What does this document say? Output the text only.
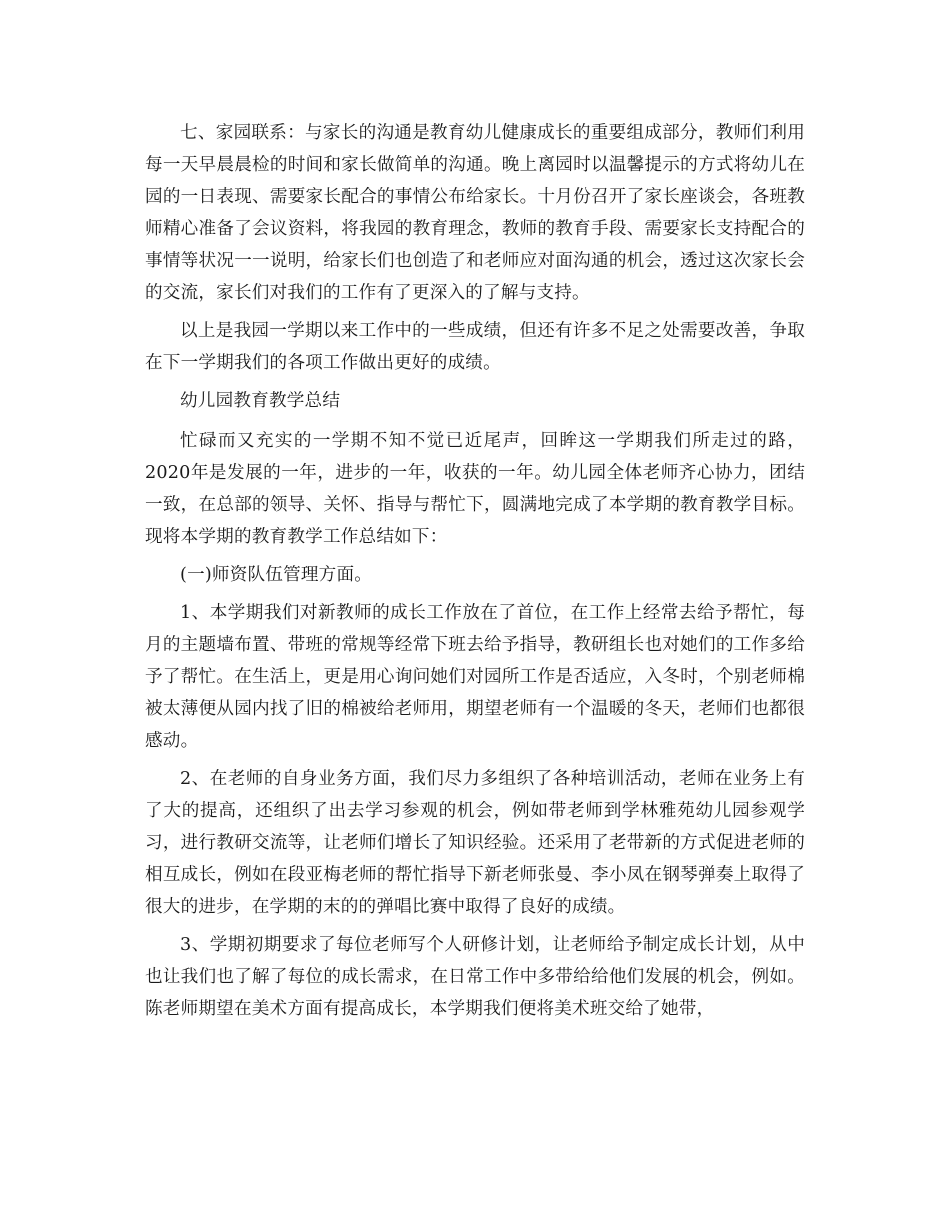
七、家园联系：与家长的沟通是教育幼儿健康成长的重要组成部分，教师们利用每一天早晨晨检的时间和家长做简单的沟通。晚上离园时以温馨提示的方式将幼儿在园的一日表现、需要家长配合的事情公布给家长。十月份召开了家长座谈会，各班教师精心准备了会议资料，将我园的教育理念，教师的教育手段、需要家长支持配合的事情等状况一一说明，给家长们也创造了和老师应对面沟通的机会，透过这次家长会的交流，家长们对我们的工作有了更深入的了解与支持。

以上是我园一学期以来工作中的一些成绩，但还有许多不足之处需要改善，争取在下一学期我们的各项工作做出更好的成绩。

幼儿园教育教学总结

忙碌而又充实的一学期不知不觉已近尾声，回眸这一学期我们所走过的路，2020年是发展的一年，进步的一年，收获的一年。幼儿园全体老师齐心协力，团结一致，在总部的领导、关怀、指导与帮忙下，圆满地完成了本学期的教育教学目标。现将本学期的教育教学工作总结如下：

(一)师资队伍管理方面。

1、本学期我们对新教师的成长工作放在了首位，在工作上经常去给予帮忙，每月的主题墙布置、带班的常规等经常下班去给予指导，教研组长也对她们的工作多给予了帮忙。在生活上，更是用心询问她们对园所工作是否适应，入冬时，个别老师棉被太薄便从园内找了旧的棉被给老师用，期望老师有一个温暖的冬天，老师们也都很感动。

2、在老师的自身业务方面，我们尽力多组织了各种培训活动，老师在业务上有了大的提高，还组织了出去学习参观的机会，例如带老师到学林雅苑幼儿园参观学习，进行教研交流等，让老师们增长了知识经验。还采用了老带新的方式促进老师的相互成长，例如在段亚梅老师的帮忙指导下新老师张曼、李小凤在钢琴弹奏上取得了很大的进步，在学期的末的的弹唱比赛中取得了良好的成绩。

3、学期初期要求了每位老师写个人研修计划，让老师给予制定成长计划，从中也让我们也了解了每位的成长需求，在日常工作中多带给给他们发展的机会，例如。陈老师期望在美术方面有提高成长，本学期我们便将美术班交给了她带，
